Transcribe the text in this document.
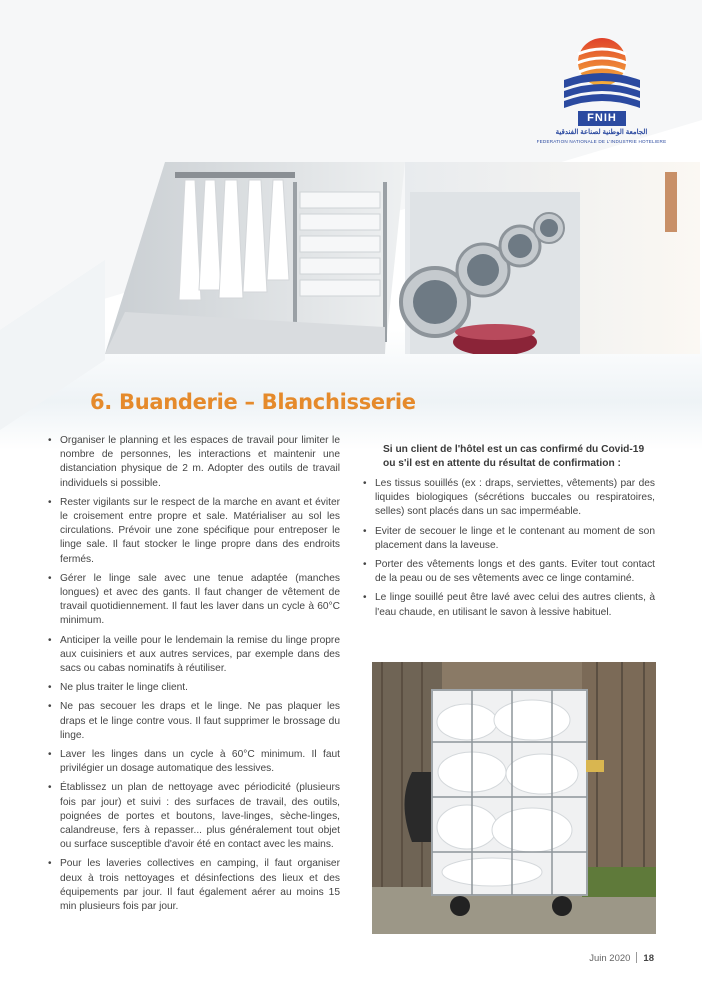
FNIH
الجامعة الوطنية لصناعة الفندقية
FEDERATION NATIONALE DE L'INDUSTRIE HOTELIERE
6. Buanderie – Blanchisserie
• Organiser le planning et les espaces de travail pour limiter le nombre de personnes, les interactions et maintenir une distanciation physique de 2 m. Adopter des outils de travail individuels si possible.
• Rester vigilants sur le respect de la marche en avant et éviter le croisement entre propre et sale. Matérialiser au sol les circulations. Prévoir une zone spécifique pour entreposer le linge sale. Il faut stocker le linge propre dans des endroits fermés.
• Gérer le linge sale avec une tenue adaptée (manches longues) et avec des gants. Il faut changer de vêtement de travail quotidiennement. Il faut les laver dans un cycle à 60°C minimum.
• Anticiper la veille pour le lendemain la remise du linge propre aux cuisiniers et aux autres services, par exemple dans des sacs ou cabas nominatifs à réutiliser.
• Ne plus traiter le linge client.
• Ne pas secouer les draps et le linge. Ne pas plaquer les draps et le linge contre vous. Il faut supprimer le brossage du linge.
• Laver les linges dans un cycle à 60°C minimum. Il faut privilégier un dosage automatique des lessives.
• Établissez un plan de nettoyage avec périodicité (plusieurs fois par jour) et suivi : des surfaces de travail, des outils, poignées de portes et boutons, lave-linges, sèche-linges, calandreuse, fers à repasser... plus généralement tout objet ou surface susceptible d'avoir été en contact avec les mains.
• Pour les laveries collectives en camping, il faut organiser deux à trois nettoyages et désinfections des lieux et des équipements par jour. Il faut également aérer au moins 15 min plusieurs fois par jour.

Si un client de l'hôtel est un cas confirmé du Covid-19 ou s'il est en attente du résultat de confirmation :

• Les tissus souillés (ex : draps, serviettes, vêtements) par des liquides biologiques (sécrétions buccales ou respiratoires, selles) sont placés dans un sac imperméable.
• Eviter de secouer le linge et le contenant au moment de son placement dans la laveuse.
• Porter des vêtements longs et des gants. Eviter tout contact de la peau ou de ses vêtements avec ce linge contaminé.
• Le linge souillé peut être lavé avec celui des autres clients, à l'eau chaude, en utilisant le savon à lessive habituel.
Juin 2020 18
